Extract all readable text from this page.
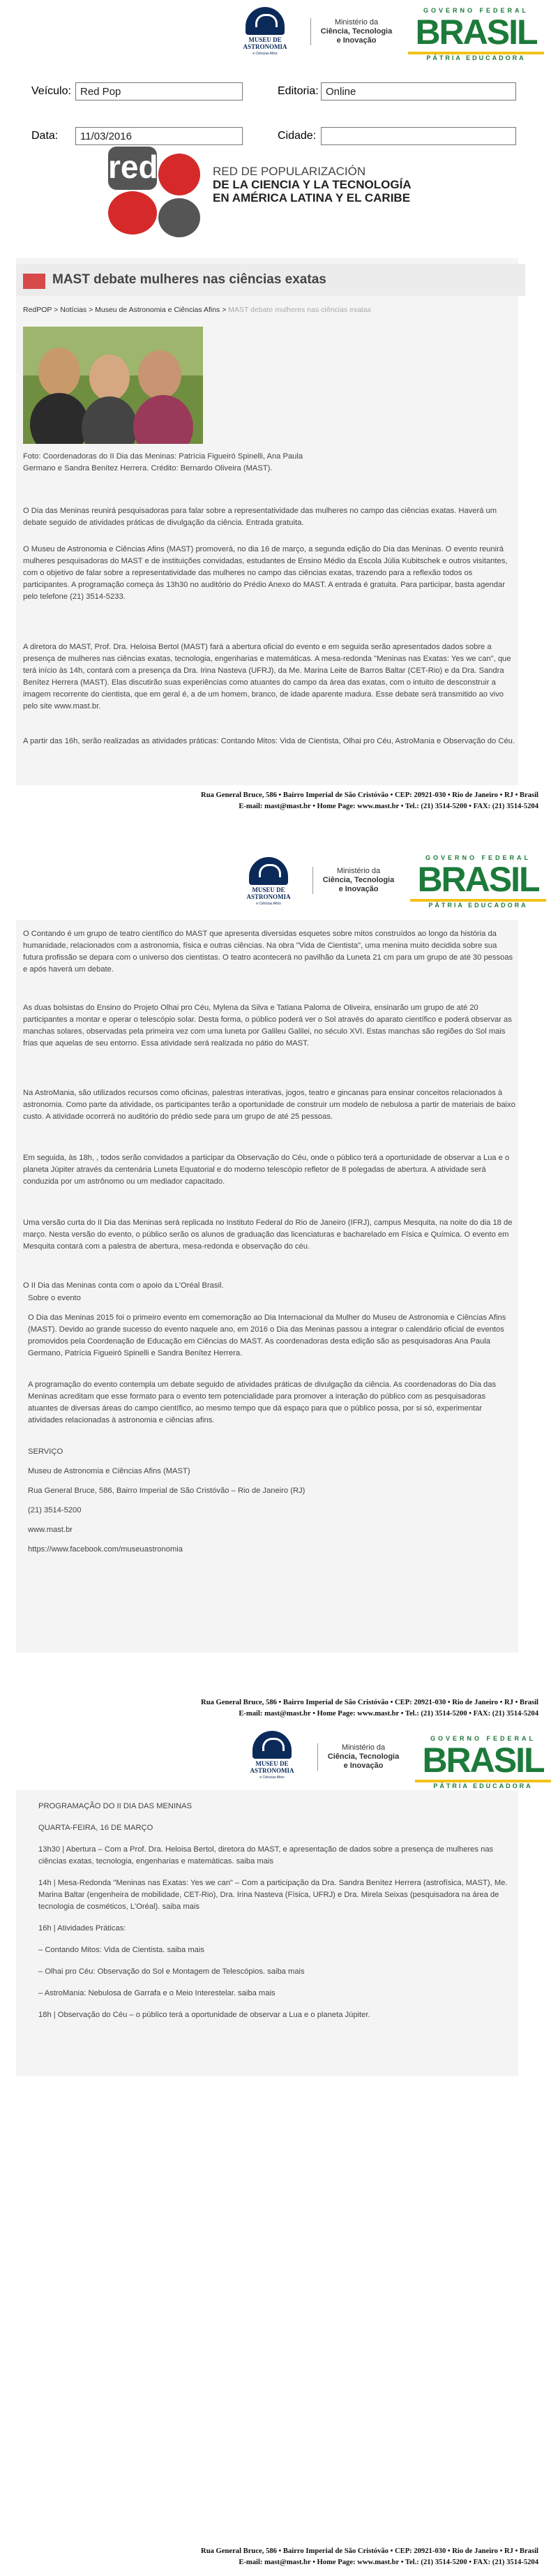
MUSEU DE ASTRONOMIA
e Ciências Afins
Ministério da
Ciência, Tecnologia
e Inovação
GOVERNO FEDERAL
BRASIL
PÁTRIA EDUCADORA
Veículo: Red Pop	Editoria: Online
Data:	11/03/2016	Cidade:
red	RED DE POPULARIZACIÓN
DE LA CIENCIA Y LA TECNOLOGÍA
EN AMÉRICA LATINA Y EL CARIBE
MAST debate mulheres nas ciências exatas
RedPOP > Notícias > Museu de Astronomia e Ciências Afins > MAST debate mulheres nas ciências exatas
Foto: Coordenadoras do II Dia das Meninas: Patrícia Figueiró Spinelli, Ana Paula Germano e Sandra Benítez Herrera. Crédito: Bernardo Oliveira (MAST).
O Dia das Meninas reunirá pesquisadoras para falar sobre a representatividade das mulheres no campo das ciências exatas. Haverá um debate seguido de atividades práticas de divulgação da ciência. Entrada gratuita.
O Museu de Astronomia e Ciências Afins (MAST) promoverá, no dia 16 de março, a segunda edição do Dia das Meninas. O evento reunirá mulheres pesquisadoras do MAST e de instituições convidadas, estudantes de Ensino Médio da Escola Júlia Kubitschek e outros visitantes, com o objetivo de falar sobre a representatividade das mulheres no campo das ciências exatas, trazendo para a reflexão todos os participantes. A programação começa às 13h30 no auditório do Prédio Anexo do MAST. A entrada é gratuita. Para participar, basta agendar pelo telefone (21) 3514-5233.
A diretora do MAST, Prof. Dra. Heloisa Bertol (MAST) fará a abertura oficial do evento e em seguida serão apresentados dados sobre a presença de mulheres nas ciências exatas, tecnologia, engenharias e matemáticas. A mesa-redonda "Meninas nas Exatas: Yes we can", que terá início às 14h, contará com a presença da Dra. Irina Nasteva (UFRJ), da Me. Marina Leite de Barros Baltar (CET-Rio) e da Dra. Sandra Benítez Herrera (MAST). Elas discutirão suas experiências como atuantes do campo da área das exatas, com o intuito de desconstruir a imagem recorrente do cientista, que em geral é, a de um homem, branco, de idade aparente madura. Esse debate será transmitido ao vivo pelo site www.mast.br.
A partir das 16h, serão realizadas as atividades práticas: Contando Mitos: Vida de Cientista, Olhai pro Céu, AstroMania e Observação do Céu.
Rua General Bruce, 586 • Bairro Imperial de São Cristóvão • CEP: 20921-030 • Rio de Janeiro • RJ • Brasil
E-mail: mast@mast.br • Home Page: www.mast.br • Tel.: (21) 3514-5200 • FAX: (21) 3514-5204
MUSEU DE ASTRONOMIA
e Ciências Afins
Ministério da
Ciência, Tecnologia
e Inovação
GOVERNO FEDERAL
BRASIL
PÁTRIA EDUCADORA
O Contando é um grupo de teatro científico do MAST que apresenta diversidas esquetes sobre mitos construídos ao longo da história da humanidade, relacionados com a astronomia, física e outras ciências. Na obra "Vida de Cientista", uma menina muito decidida sobre sua futura profissão se depara com o universo dos cientistas. O teatro acontecerá no pavilhão da Luneta 21 cm para um grupo de até 30 pessoas e após haverá um debate.
As duas bolsistas do Ensino do Projeto Olhai pro Céu, Mylena da Silva e Tatiana Paloma de Oliveira, ensinarão um grupo de até 20 participantes a montar e operar o telescópio solar. Desta forma, o público poderá ver o Sol através do aparato científico e poderá observar as manchas solares, observadas pela primeira vez com uma luneta por Galileu Galilei, no século XVI. Estas manchas são regiões do Sol mais frias que aquelas de seu entorno. Essa atividade será realizada no pátio do MAST.
Na AstroMania, são utilizados recursos como oficinas, palestras interativas, jogos, teatro e gincanas para ensinar conceitos relacionados à astronomia. Como parte da atividade, os participantes terão a oportunidade de construir um modelo de nebulosa a partir de materiais de baixo custo. A atividade ocorrerá no auditório do prédio sede para um grupo de até 25 pessoas.
Em seguida, às 18h, , todos serão convidados a participar da Observação do Céu, onde o público terá a oportunidade de observar a Lua e o planeta Júpiter através da centenária Luneta Equatorial e do moderno telescópio refletor de 8 polegadas de abertura. A atividade será conduzida por um astrônomo ou um mediador capacitado.
Uma versão curta do II Dia das Meninas será replicada no Instituto Federal do Rio de Janeiro (IFRJ), campus Mesquita, na noite do dia 18 de março. Nesta versão do evento, o público serão os alunos de graduação das licenciaturas e bacharelado em Física e Química. O evento em Mesquita contará com a palestra de abertura, mesa-redonda e observação do céu.
O II Dia das Meninas conta com o apoio da L'Oréal Brasil.
Sobre o evento
O Dia das Meninas 2015 foi o primeiro evento em comemoração ao Dia Internacional da Mulher do Museu de Astronomia e Ciências Afins (MAST). Devido ao grande sucesso do evento naquele ano, em 2016 o Dia das Meninas passou a integrar o calendário oficial de eventos promovidos pela Coordenação de Educação em Ciências do MAST. As coordenadoras desta edição são as pesquisadoras Ana Paula Germano, Patrícia Figueiró Spinelli e Sandra Benítez Herrera.
A programação do evento contempla um debate seguido de atividades práticas de divulgação da ciência. As coordenadoras do Dia das Meninas acreditam que esse formato para o evento tem potencialidade para promover a interação do público com as pesquisadoras atuantes de diversas áreas do campo científico, ao mesmo tempo que dá espaço para que o público possa, por si só, experimentar atividades relacionadas à astronomia e ciências afins.
SERVIÇO
Museu de Astronomia e Ciências Afins (MAST)
Rua General Bruce, 586, Bairro Imperial de São Cristóvão – Rio de Janeiro (RJ)
(21) 3514-5200
www.mast.br
https://www.facebook.com/museuastronomia
Rua General Bruce, 586 • Bairro Imperial de São Cristóvão • CEP: 20921-030 • Rio de Janeiro • RJ • Brasil
E-mail: mast@mast.br • Home Page: www.mast.br • Tel.: (21) 3514-5200 • FAX: (21) 3514-5204
MUSEU DE ASTRONOMIA
e Ciências Afins
Ministério da
Ciência, Tecnologia
e Inovação
GOVERNO FEDERAL
BRASIL
PÁTRIA EDUCADORA

PROGRAMAÇÃO DO II DIA DAS MENINAS

QUARTA-FEIRA, 16 DE MARÇO

13h30 | Abertura – Com a Prof. Dra. Heloisa Bertol, diretora do MAST, e apresentação de dados sobre a presença de mulheres nas ciências exatas, tecnologia, engenharias e matemáticas. saiba mais

14h | Mesa-Redonda "Meninas nas Exatas: Yes we can" – Com a participação da Dra. Sandra Benítez Herrera (astrofísica, MAST), Me. Marina Baltar (engenheira de mobilidade, CET-Rio), Dra. Irina Nasteva (Física, UFRJ) e Dra. Mirela Seixas (pesquisadora na área de tecnologia de cosméticos, L'Oréal). saiba mais

16h | Atividades Práticas:

– Contando Mitos: Vida de Cientista. saiba mais

– Olhai pro Céu: Observação do Sol e Montagem de Telescópios. saiba mais

– AstroMania: Nebulosa de Garrafa e o Meio Interestelar. saiba mais

18h | Observação do Céu – o público terá a oportunidade de observar a Lua e o planeta Júpiter.

Rua General Bruce, 586 • Bairro Imperial de São Cristóvão • CEP: 20921-030 • Rio de Janeiro • RJ • Brasil
E-mail: mast@mast.br • Home Page: www.mast.br • Tel.: (21) 3514-5200 • FAX: (21) 3514-5204
